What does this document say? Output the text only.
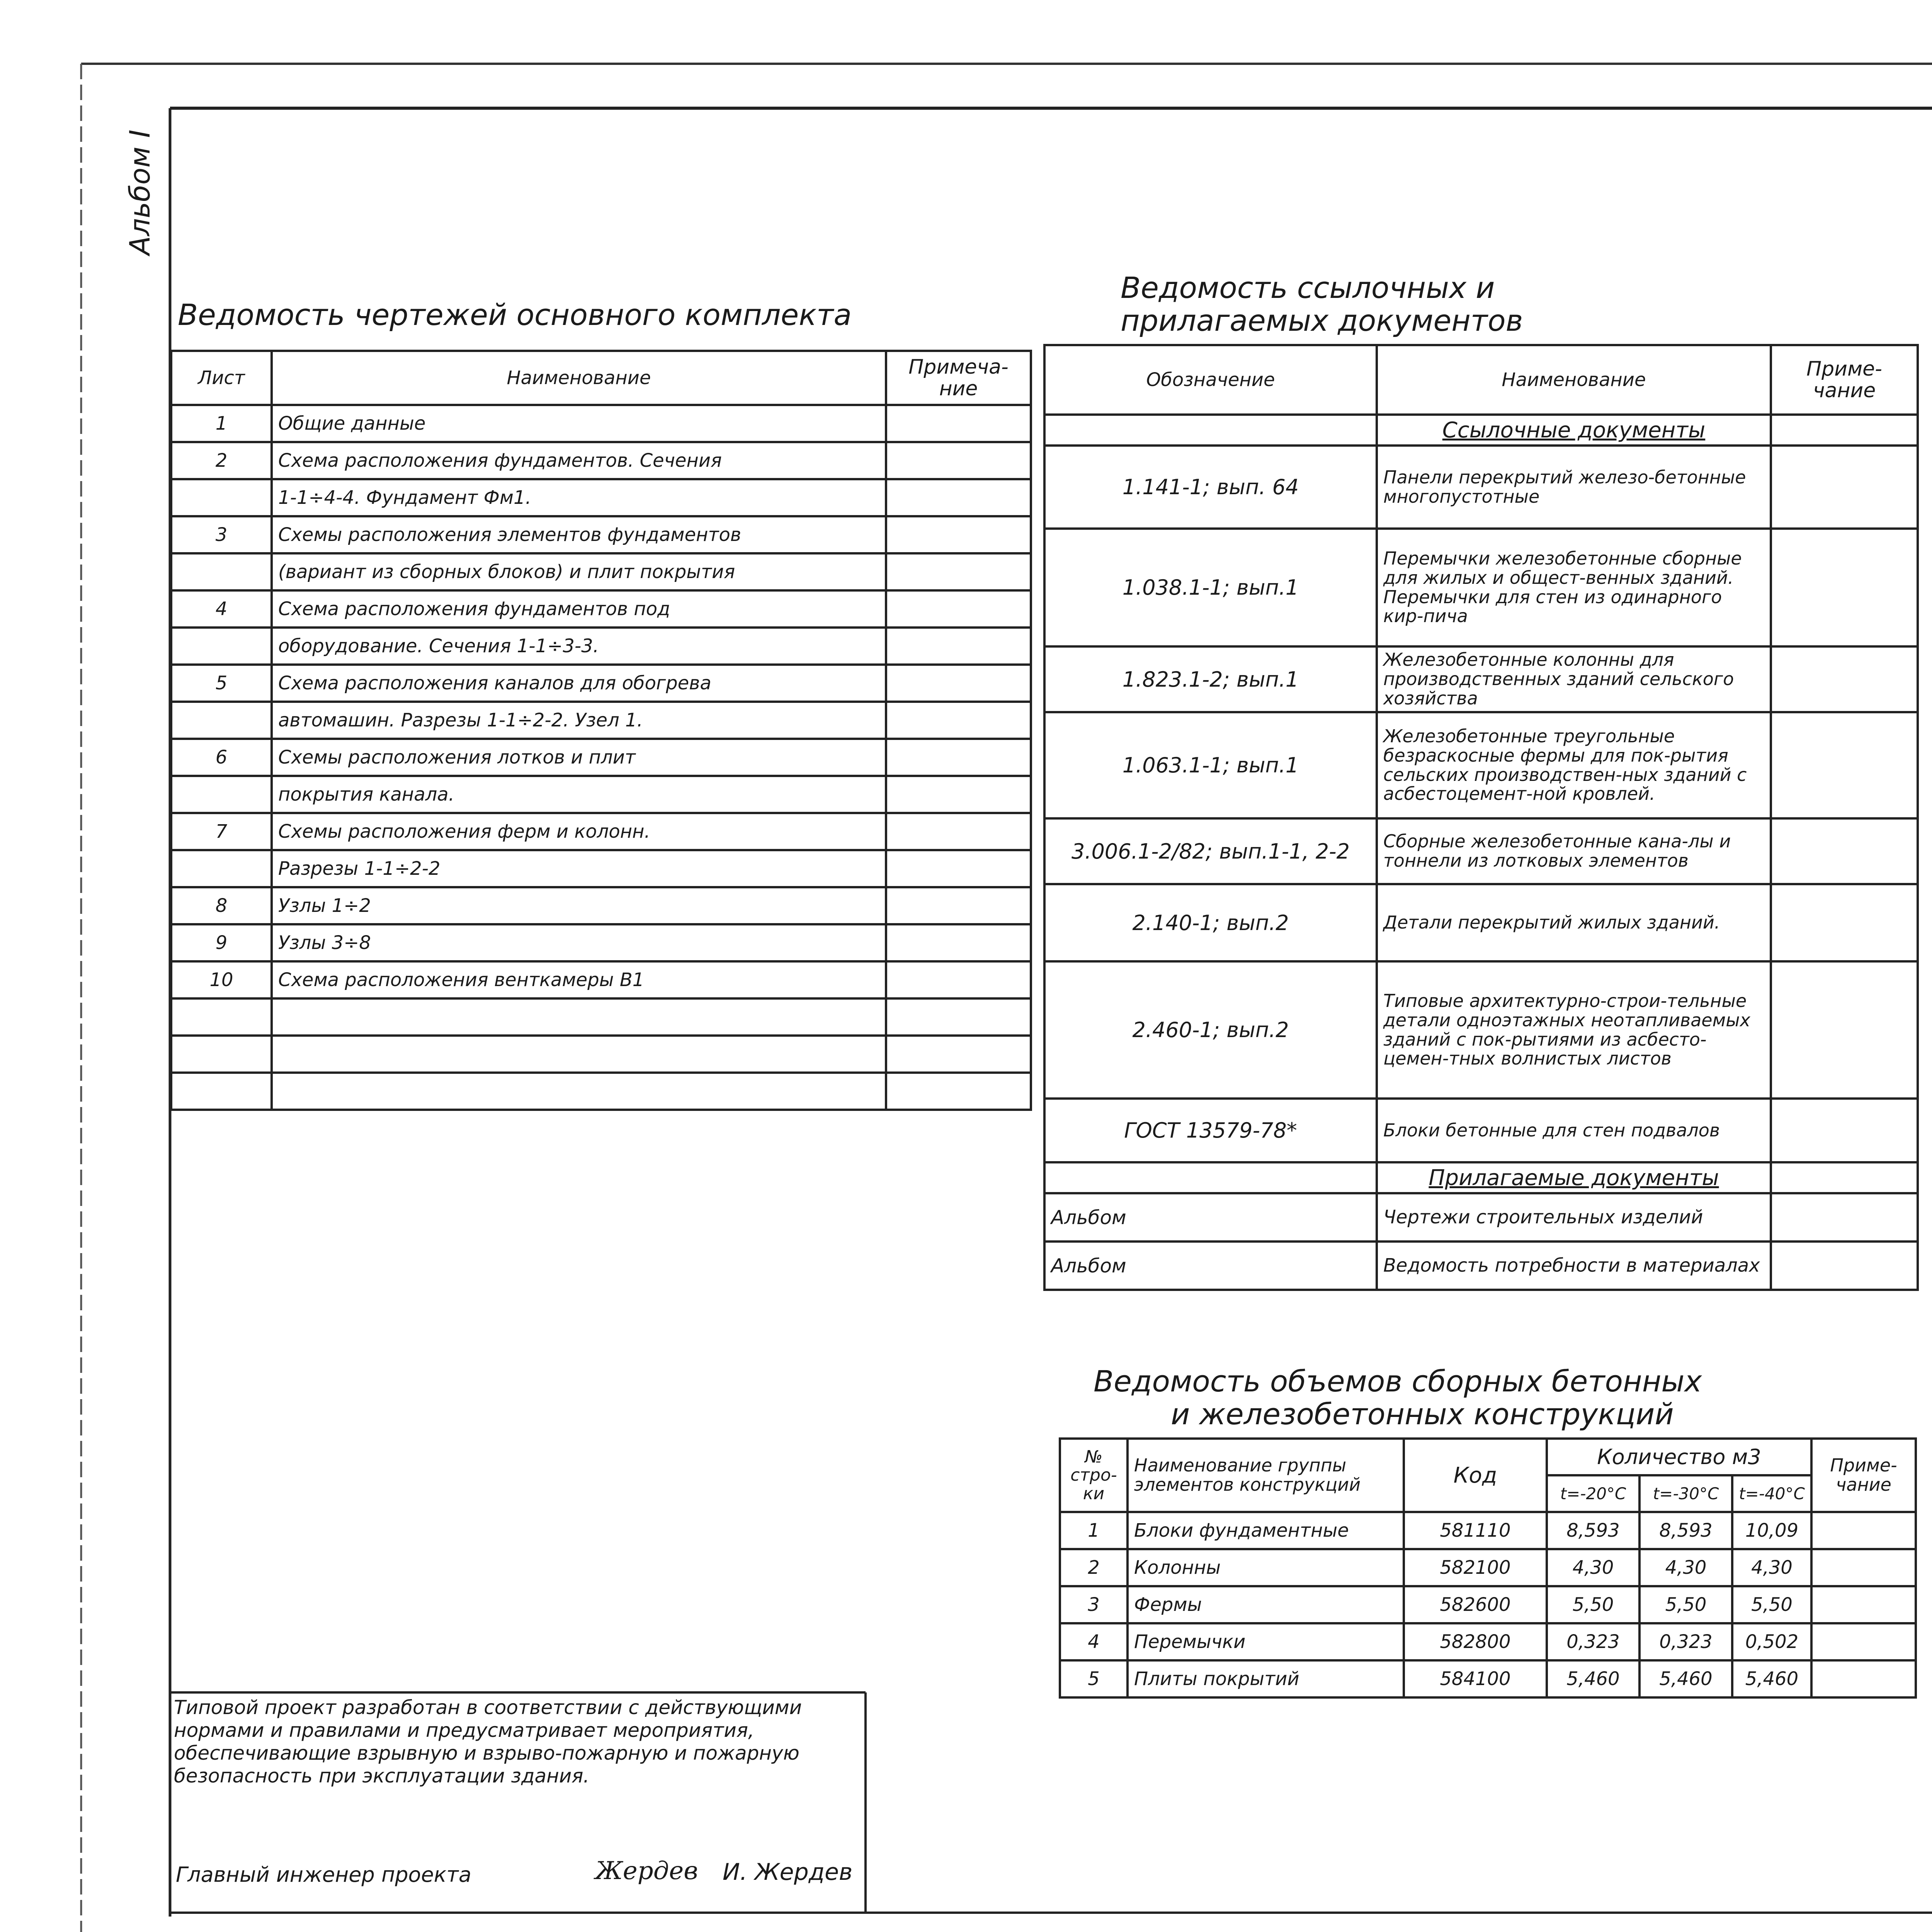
Альбом I
Ведомость чертежей основного комплекта
Лист	Наименование	Примеча-ние
1	Общие данные	
2	Схема расположения фундаментов. Сечения	
	1-1÷4-4. Фундамент Фм1.	
3	Схемы расположения элементов фундаментов	
	(вариант из сборных блоков) и плит покрытия	
4	Схема расположения фундаментов под	
	оборудование. Сечения 1-1÷3-3.	
5	Схема расположения каналов для обогрева	
	автомашин. Разрезы 1-1÷2-2. Узел 1.	
6	Схемы расположения лотков и плит	
	покрытия канала.	
7	Схемы расположения ферм и колонн.	
	Разрезы 1-1÷2-2	
8	Узлы 1÷2	
9	Узлы 3÷8	
10	Схема расположения венткамеры В1	

Ведомость ссылочных и
прилагаемых документов
Обозначение	Наименование	Приме-чание
	Ссылочные документы	
1.141-1; вып. 64	Панели перекрытий железо-бетонные многопустотные	
1.038.1-1; вып.1	Перемычки железобетонные сборные для жилых и общест-венных зданий. Перемычки для стен из одинарного кир-пича	
1.823.1-2; вып.1	Железобетонные колонны для производственных зданий сельского хозяйства	
1.063.1-1; вып.1	Железобетонные треугольные безраскосные фермы для пок-рытия сельских производствен-ных зданий с асбестоцемент-ной кровлей.	
3.006.1-2/82; вып.1-1, 2-2	Сборные железобетонные кана-лы и тоннели из лотковых элементов	
2.140-1; вып.2	Детали перекрытий жилых зданий.	
2.460-1; вып.2	Типовые архитектурно-строи-тельные детали одноэтажных неотапливаемых зданий с пок-рытиями из асбесто-цемен-тных волнистых листов	
ГОСТ 13579-78*	Блоки бетонные для стен подвалов	
	Прилагаемые документы	
Альбом	Чертежи строительных изделий	
Альбом	Ведомость потребности в материалах	

Ведомость объемов сборных бетонных
и железобетонных конструкций
№ стро-ки	Наименование группы элементов конструкций	Код	Количество м3			Приме-чание
			t=-20°С	t=-30°С	t=-40°С	
1	Блоки фундаментные	581110	8,593	8,593	10,09	
2	Колонны	582100	4,30	4,30	4,30	
3	Фермы	582600	5,50	5,50	5,50	
4	Перемычки	582800	0,323	0,323	0,502	
5	Плиты покрытий	584100	5,460	5,460	5,460	
Типовой проект разработан в соответствии с действующими нормами и правилами и предусматривает мероприятия, обеспечивающие взрывную и взрыво-пожарную и пожарную безопасность при эксплуатации здания.
Главный инженер проекта	Жердев И. Жердев
